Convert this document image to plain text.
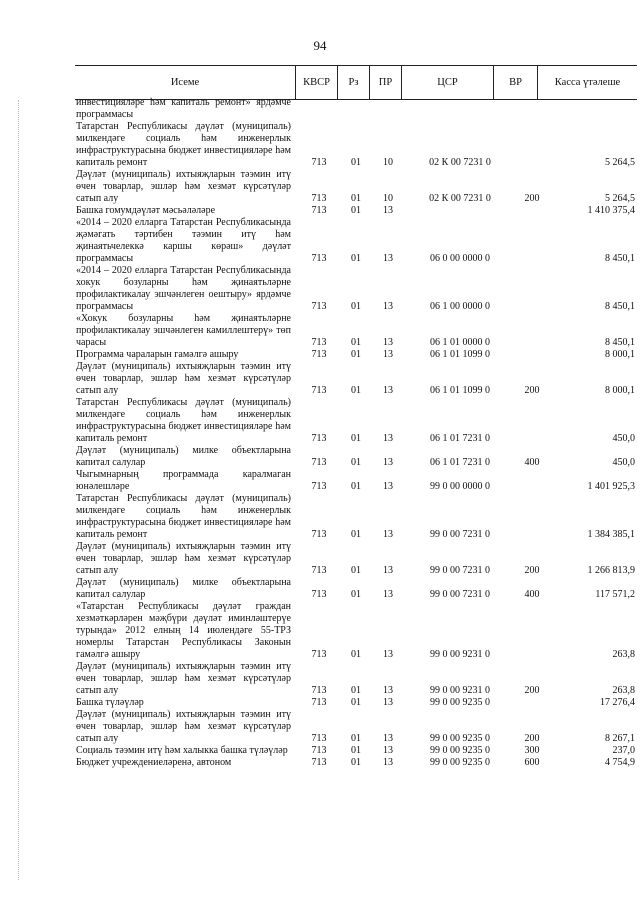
94
Исеме	КВСР	Рз	ПР	ЦСР	ВР	Касса үтәлеше
инвестицияләре һәм капиталь ремонт» ярдәмче программасы
Татарстан Республикасы дәүләт (муниципаль) милкендәге социаль һәм инженерлык инфраструктурасына бюджет инвестицияләре һәм капиталь ремонт	713	01	10	02 К 00 7231 0	5 264,5
Дәүләт (муниципаль) ихтыяҗларын тәэмин итү өчен товарлар, эшләр һәм хезмәт күрсәтүләр сатып алу	713	01	10	02 К 00 7231 0	200	5 264,5
Башка гомумдәүләт мәсьәләләре	713	01	13	1 410 375,4
«2014 – 2020 елларга Татарстан Республикасында җәмәгать тәртибен тәэмин итү һәм җинаятьчелеккә каршы көрәш» дәүләт программасы	713	01	13	06 0 00 0000 0	8 450,1
«2014 – 2020 елларга Татарстан Республикасында хокук бозуларны һәм җинаятьләрне профилактикалау эшчәнлеген оештыру» ярдәмче программасы	713	01	13	06 1 00 0000 0	8 450,1
«Хокук бозуларны һәм җинаятьләрне профилактикалау эшчәнлеген камиллештерү» төп чарасы	713	01	13	06 1 01 0000 0	8 450,1
Программа чараларын гамәлгә ашыру	713	01	13	06 1 01 1099 0	8 000,1
Дәүләт (муниципаль) ихтыяҗларын тәэмин итү өчен товарлар, эшләр һәм хезмәт күрсәтүләр сатып алу	713	01	13	06 1 01 1099 0	200	8 000,1
Татарстан Республикасы дәүләт (муниципаль) милкендәге социаль һәм инженерлык инфраструктурасына бюджет инвестицияләре һәм капиталь ремонт	713	01	13	06 1 01 7231 0	450,0
Дәүләт (муниципаль) милке объектларына капитал салулар	713	01	13	06 1 01 7231 0	400	450,0
Чыгымнарның программада каралмаган юнәлешләре	713	01	13	99 0 00 0000 0	1 401 925,3
Татарстан Республикасы дәүләт (муниципаль) милкендәге социаль һәм инженерлык инфраструктурасына бюджет инвестицияләре һәм капиталь ремонт	713	01	13	99 0 00 7231 0	1 384 385,1
Дәүләт (муниципаль) ихтыяҗларын тәэмин итү өчен товарлар, эшләр һәм хезмәт күрсәтүләр сатып алу	713	01	13	99 0 00 7231 0	200	1 266 813,9
Дәүләт (муниципаль) милке объектларына капитал салулар	713	01	13	99 0 00 7231 0	400	117 571,2
«Татарстан Республикасы дәүләт граждан хезмәткәрләрен мәҗбүри дәүләт иминләштерүе турында» 2012 елның 14 июлендәге 55-ТРЗ номерлы Татарстан Республикасы Законын гамәлгә ашыру	713	01	13	99 0 00 9231 0	263,8
Дәүләт (муниципаль) ихтыяҗларын тәэмин итү өчен товарлар, эшләр һәм хезмәт күрсәтүләр сатып алу	713	01	13	99 0 00 9231 0	200	263,8
Башка түләүләр	713	01	13	99 0 00 9235 0	17 276,4
Дәүләт (муниципаль) ихтыяҗларын тәэмин итү өчен товарлар, эшләр һәм хезмәт күрсәтүләр сатып алу	713	01	13	99 0 00 9235 0	200	8 267,1
Социаль тәэмин итү һәм халыкка башка түләүләр	713	01	13	99 0 00 9235 0	300	237,0
Бюджет учреждениеләренә, автоном	713	01	13	99 0 00 9235 0	600	4 754,9
